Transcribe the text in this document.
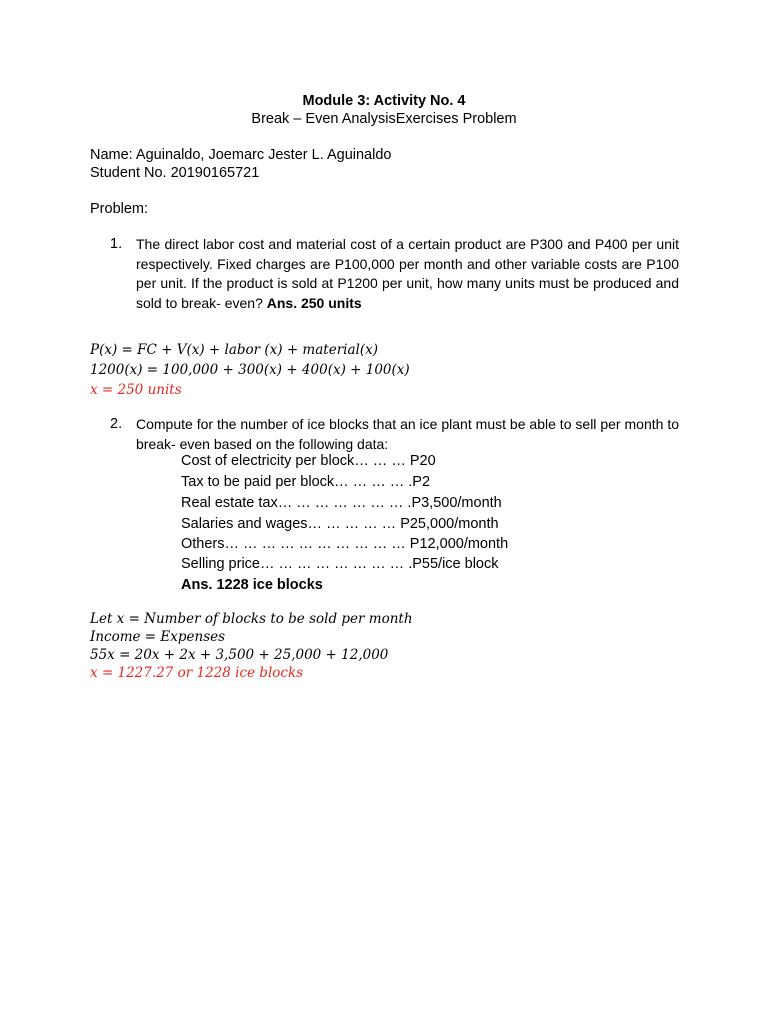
Module 3: Activity No. 4
Break – Even AnalysisExercises Problem
Name: Aguinaldo, Joemarc Jester L. Aguinaldo
Student No. 20190165721
Problem:
1. The direct labor cost and material cost of a certain product are P300 and P400 per unit respectively. Fixed charges are P100,000 per month and other variable costs are P100 per unit. If the product is sold at P1200 per unit, how many units must be produced and sold to break- even? Ans. 250 units
P(x) = FC + V(x) + labor (x) + material(x)
1200(x) = 100,000 + 300(x) + 400(x) + 100(x)
x = 250 units
2. Compute for the number of ice blocks that an ice plant must be able to sell per month to break- even based on the following data:
Cost of electricity per block… … … P20
Tax to be paid per block… … … … .P2
Real estate tax… … … … … … … .P3,500/month
Salaries and wages… … … … … P25,000/month
Others… … … … … … … … … … P12,000/month
Selling price… … … … … … … … .P55/ice block
Ans. 1228 ice blocks
Let x = Number of blocks to be sold per month
Income = Expenses
55x = 20x + 2x + 3,500 + 25,000 + 12,000
x = 1227.27 or 1228 ice blocks
